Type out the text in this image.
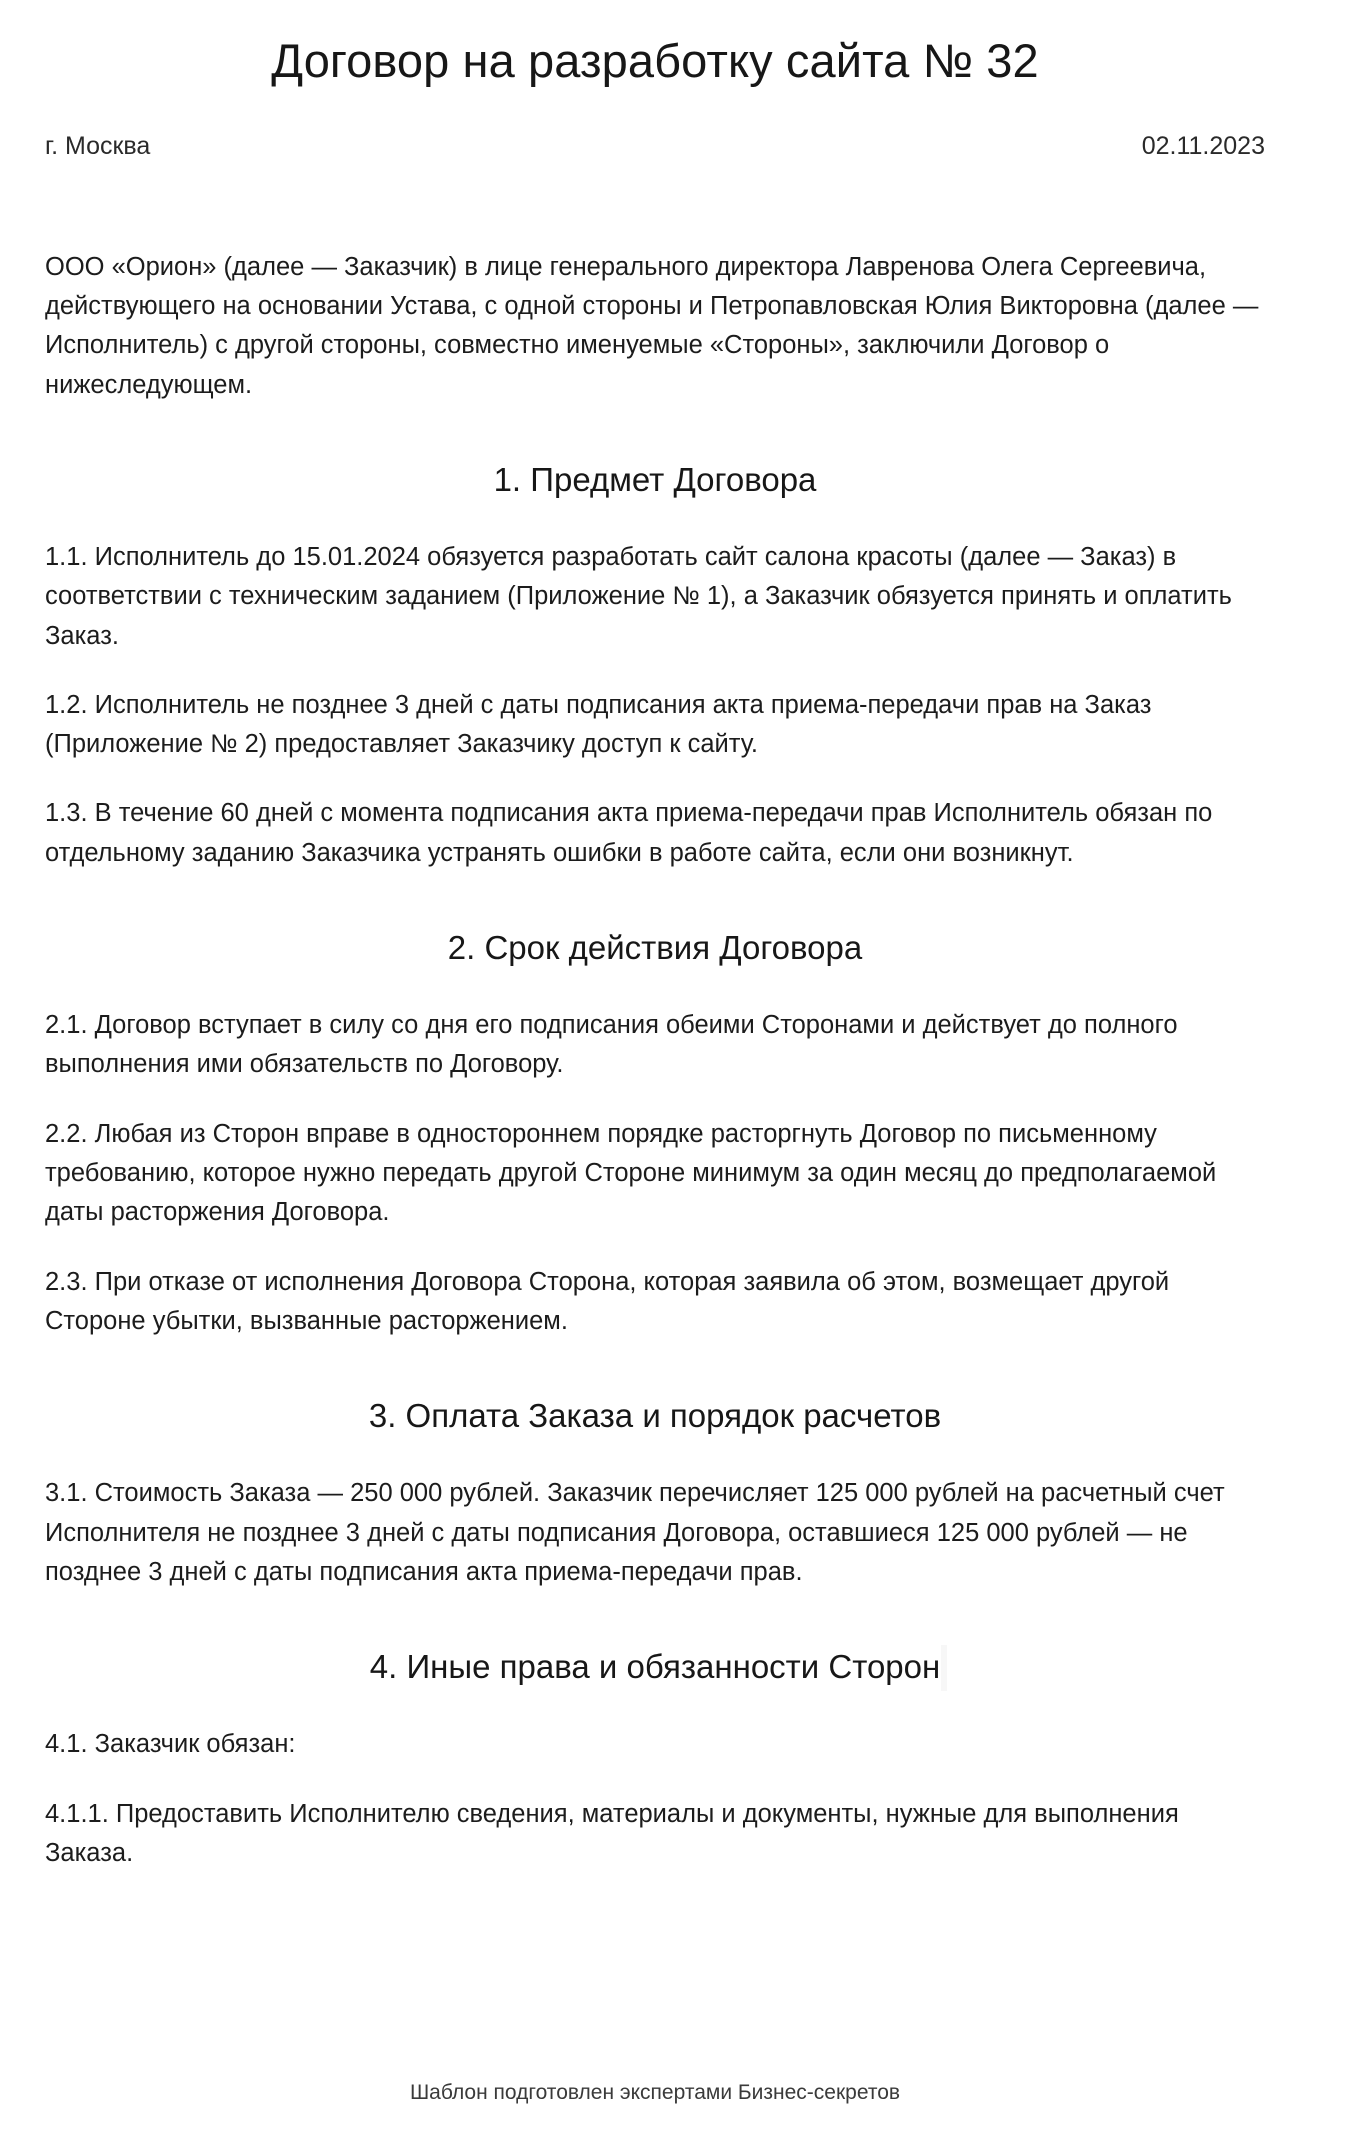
Договор на разработку сайта № 32
г. Москва	02.11.2023

ООО «Орион» (далее — Заказчик) в лице генерального директора Лавренова Олега Сергеевича, действующего на основании Устава, с одной стороны и Петропавловская Юлия Викторовна (далее — Исполнитель) с другой стороны, совместно именуемые «Стороны», заключили Договор о нижеследующем.

1. Предмет Договора

1.1. Исполнитель до 15.01.2024 обязуется разработать сайт салона красоты (далее — Заказ) в соответствии с техническим заданием (Приложение № 1), а Заказчик обязуется принять и оплатить Заказ.

1.2. Исполнитель не позднее 3 дней с даты подписания акта приема-передачи прав на Заказ (Приложение № 2) предоставляет Заказчику доступ к сайту.

1.3. В течение 60 дней с момента подписания акта приема-передачи прав Исполнитель обязан по отдельному заданию Заказчика устранять ошибки в работе сайта, если они возникнут.

2. Срок действия Договора

2.1. Договор вступает в силу со дня его подписания обеими Сторонами и действует до полного выполнения ими обязательств по Договору.

2.2. Любая из Сторон вправе в одностороннем порядке расторгнуть Договор по письменному требованию, которое нужно передать другой Стороне минимум за один месяц до предполагаемой даты расторжения Договора.

2.3. При отказе от исполнения Договора Сторона, которая заявила об этом, возмещает другой Стороне убытки, вызванные расторжением.

3. Оплата Заказа и порядок расчетов

3.1. Стоимость Заказа — 250 000 рублей. Заказчик перечисляет 125 000 рублей на расчетный счет Исполнителя не позднее 3 дней с даты подписания Договора, оставшиеся 125 000 рублей — не позднее 3 дней с даты подписания акта приема-передачи прав.

4. Иные права и обязанности Сторон

4.1. Заказчик обязан:

4.1.1. Предоставить Исполнителю сведения, материалы и документы, нужные для выполнения Заказа.

Шаблон подготовлен экспертами Бизнес-секретов
